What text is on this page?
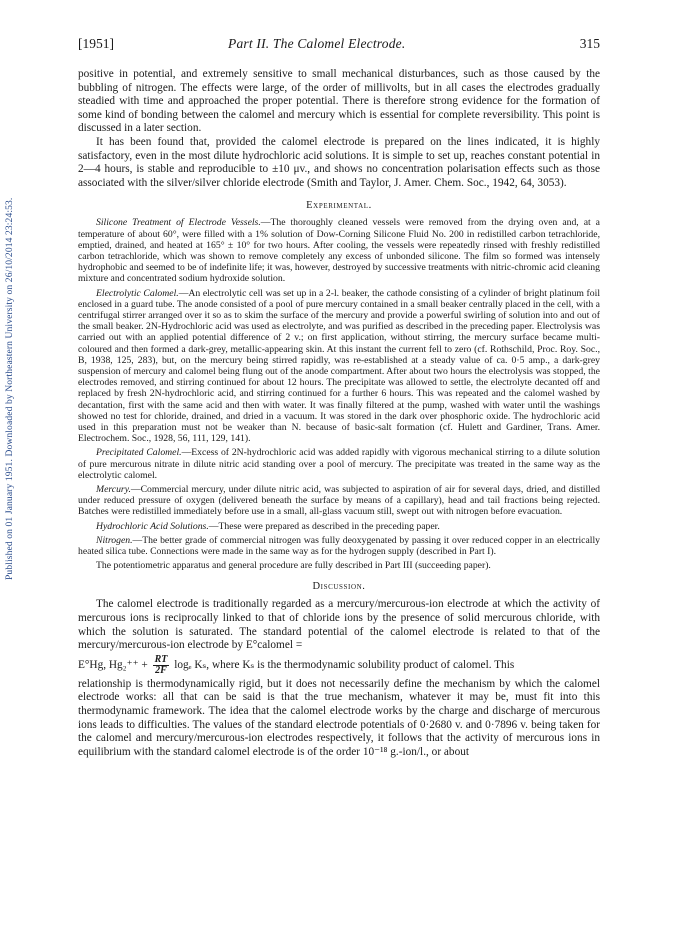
Published on 01 January 1951. Downloaded by Northeastern University on 26/10/2014 23:24:53.
[1951]	Part II. The Calomel Electrode.	315

positive in potential, and extremely sensitive to small mechanical disturbances, such as those caused by the bubbling of nitrogen. The effects were large, of the order of millivolts, but in all cases the electrodes gradually steadied with time and approached the proper potential. There is therefore strong evidence for the formation of some kind of bonding between the calomel and mercury which is essential for complete reversibility. This point is discussed in a later section.

It has been found that, provided the calomel electrode is prepared on the lines indicated, it is highly satisfactory, even in the most dilute hydrochloric acid solutions. It is simple to set up, reaches constant potential in 2—4 hours, is stable and reproducible to ±10 μv., and shows no concentration polarisation effects such as those associated with the silver/silver chloride electrode (Smith and Taylor, J. Amer. Chem. Soc., 1942, 64, 3053).

Experimental.

Silicone Treatment of Electrode Vessels.—The thoroughly cleaned vessels were removed from the drying oven and, at a temperature of about 60°, were filled with a 1% solution of Dow-Corning Silicone Fluid No. 200 in redistilled carbon tetrachloride, emptied, drained, and heated at 165° ± 10° for two hours. After cooling, the vessels were repeatedly rinsed with freshly redistilled carbon tetrachloride, which was shown to remove completely any excess of unbonded silicone. The film so formed was intensely hydrophobic and seemed to be of indefinite life; it was, however, destroyed by successive treatments with nitric-chromic acid cleaning mixture and concentrated sodium hydroxide solution.

Electrolytic Calomel.—An electrolytic cell was set up in a 2-l. beaker, the cathode consisting of a cylinder of bright platinum foil enclosed in a guard tube. The anode consisted of a pool of pure mercury contained in a small beaker centrally placed in the cell, with a centrifugal stirrer arranged over it so as to skim the surface of the mercury and provide a powerful swirling of solution into and out of the small beaker. 2N-Hydrochloric acid was used as electrolyte, and was purified as described in the preceding paper. Electrolysis was carried out with an applied potential difference of 2 v.; on first application, without stirring, the mercury surface became multi-coloured and then formed a dark-grey, metallic-appearing skin. At this instant the current fell to zero (cf. Rothschild, Proc. Roy. Soc., B, 1938, 125, 283), but, on the mercury being stirred rapidly, was re-established at a steady value of ca. 0·5 amp., a dark-grey suspension of mercury and calomel being flung out of the anode compartment. After about two hours the electrolysis was stopped, the electrodes removed, and stirring continued for about 12 hours. The precipitate was allowed to settle, the electrolyte decanted off and replaced by fresh 2N-hydrochloric acid, and stirring continued for a further 6 hours. This was repeated and the calomel washed by decantation, first with the same acid and then with water. It was finally filtered at the pump, washed with water until the washings showed no test for chloride, drained, and dried in a vacuum. It was stored in the dark over phosphoric oxide. The hydrochloric acid used in this preparation must not be weaker than N. because of basic-salt formation (cf. Hulett and Gardiner, Trans. Amer. Electrochem. Soc., 1928, 56, 111, 129, 141).

Precipitated Calomel.—Excess of 2N-hydrochloric acid was added rapidly with vigorous mechanical stirring to a dilute solution of pure mercurous nitrate in dilute nitric acid standing over a pool of mercury. The precipitate was treated in the same way as the electrolytic calomel.

Mercury.—Commercial mercury, under dilute nitric acid, was subjected to aspiration of air for several days, dried, and distilled under reduced pressure of oxygen (delivered beneath the surface by means of a capillary), head and tail fractions being rejected. Batches were redistilled immediately before use in a small, all-glass vacuum still, swept out with nitrogen before evacuation.

Hydrochloric Acid Solutions.—These were prepared as described in the preceding paper.

Nitrogen.—The better grade of commercial nitrogen was fully deoxygenated by passing it over reduced copper in an electrically heated silica tube. Connections were made in the same way as for the hydrogen supply (described in Part I).

The potentiometric apparatus and general procedure are fully described in Part III (succeeding paper).

Discussion.

The calomel electrode is traditionally regarded as a mercury/mercurous-ion electrode at which the activity of mercurous ions is reciprocally linked to that of chloride ions by the presence of solid mercurous chloride, with which the solution is saturated. The standard potential of the calomel electrode is related to that of the mercury/mercurous-ion electrode by E°calomel =

E°Hg, $Hg_2^{++} + \frac{RT}{2F}$ logₑ Kₛ, where Kₛ is the thermodynamic solubility product of calomel. This

relationship is thermodynamically rigid, but it does not necessarily define the mechanism by which the calomel electrode works: all that can be said is that the true mechanism, whatever it may be, must fit into this thermodynamic framework. The idea that the calomel electrode works by the charge and discharge of mercurous ions leads to difficulties. The values of the standard electrode potentials of 0·2680 v. and 0·7896 v. being taken for the calomel and mercury/mercurous-ion electrodes respectively, it follows that the activity of mercurous ions in equilibrium with the standard calomel electrode is of the order 10⁻¹⁸ g.-ion/l., or about
